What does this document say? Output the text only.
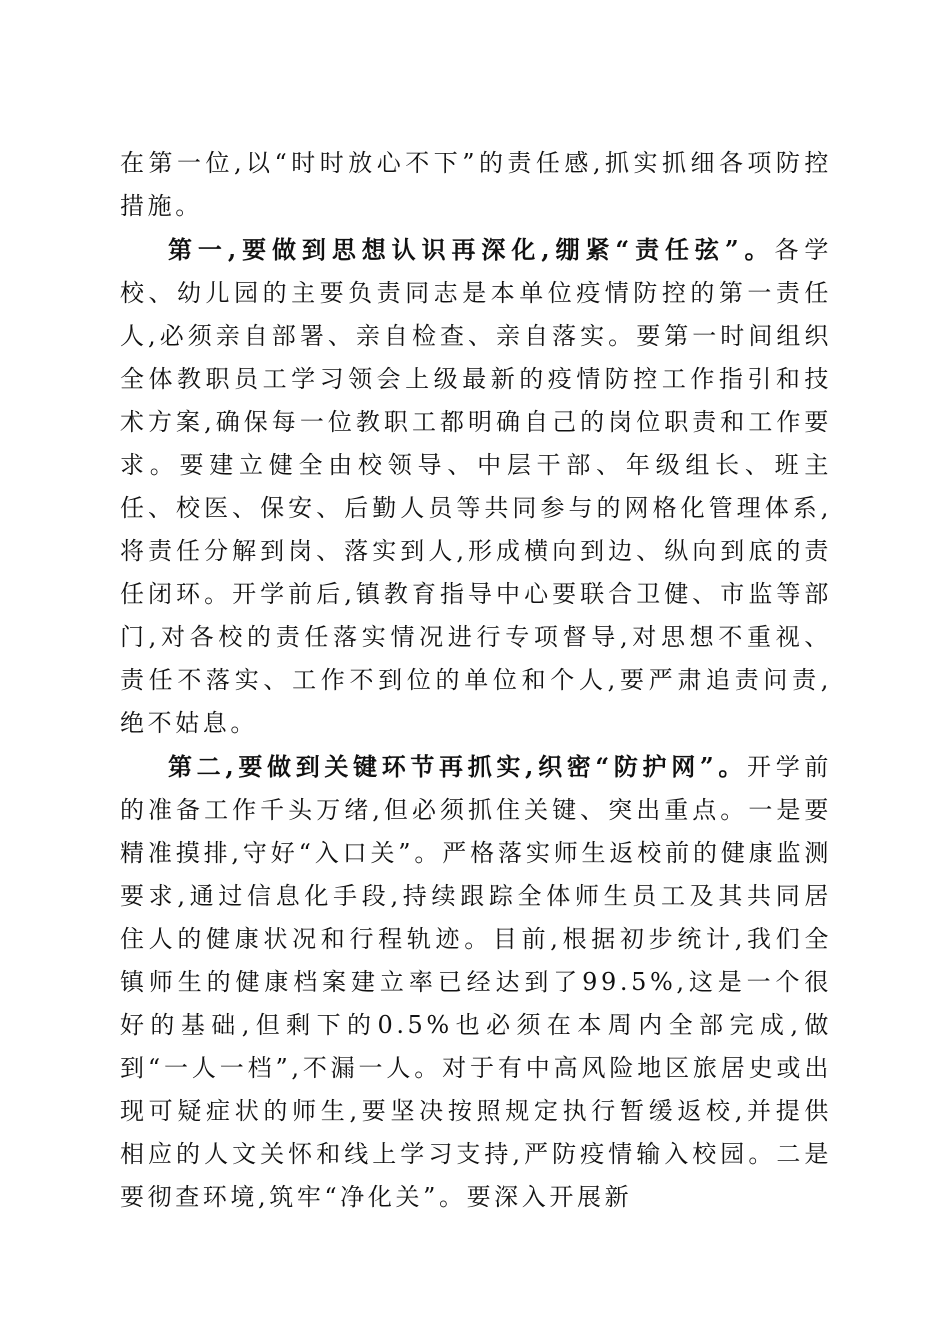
在第一位,以“时时放心不下”的责任感,抓实抓细各项防控措施。

第一,要做到思想认识再深化,绷紧“责任弦”。各学校、幼儿园的主要负责同志是本单位疫情防控的第一责任人,必须亲自部署、亲自检查、亲自落实。要第一时间组织全体教职员工学习领会上级最新的疫情防控工作指引和技术方案,确保每一位教职工都明确自己的岗位职责和工作要求。要建立健全由校领导、中层干部、年级组长、班主任、校医、保安、后勤人员等共同参与的网格化管理体系,将责任分解到岗、落实到人,形成横向到边、纵向到底的责任闭环。开学前后,镇教育指导中心要联合卫健、市监等部门,对各校的责任落实情况进行专项督导,对思想不重视、责任不落实、工作不到位的单位和个人,要严肃追责问责,绝不姑息。

第二,要做到关键环节再抓实,织密“防护网”。开学前的准备工作千头万绪,但必须抓住关键、突出重点。一是要精准摸排,守好“入口关”。严格落实师生返校前的健康监测要求,通过信息化手段,持续跟踪全体师生员工及其共同居住人的健康状况和行程轨迹。目前,根据初步统计,我们全镇师生的健康档案建立率已经达到了99.5%,这是一个很好的基础,但剩下的0.5%也必须在本周内全部完成,做到“一人一档”,不漏一人。对于有中高风险地区旅居史或出现可疑症状的师生,要坚决按照规定执行暂缓返校,并提供相应的人文关怀和线上学习支持,严防疫情输入校园。二是要彻查环境,筑牢“净化关”。要深入开展新
